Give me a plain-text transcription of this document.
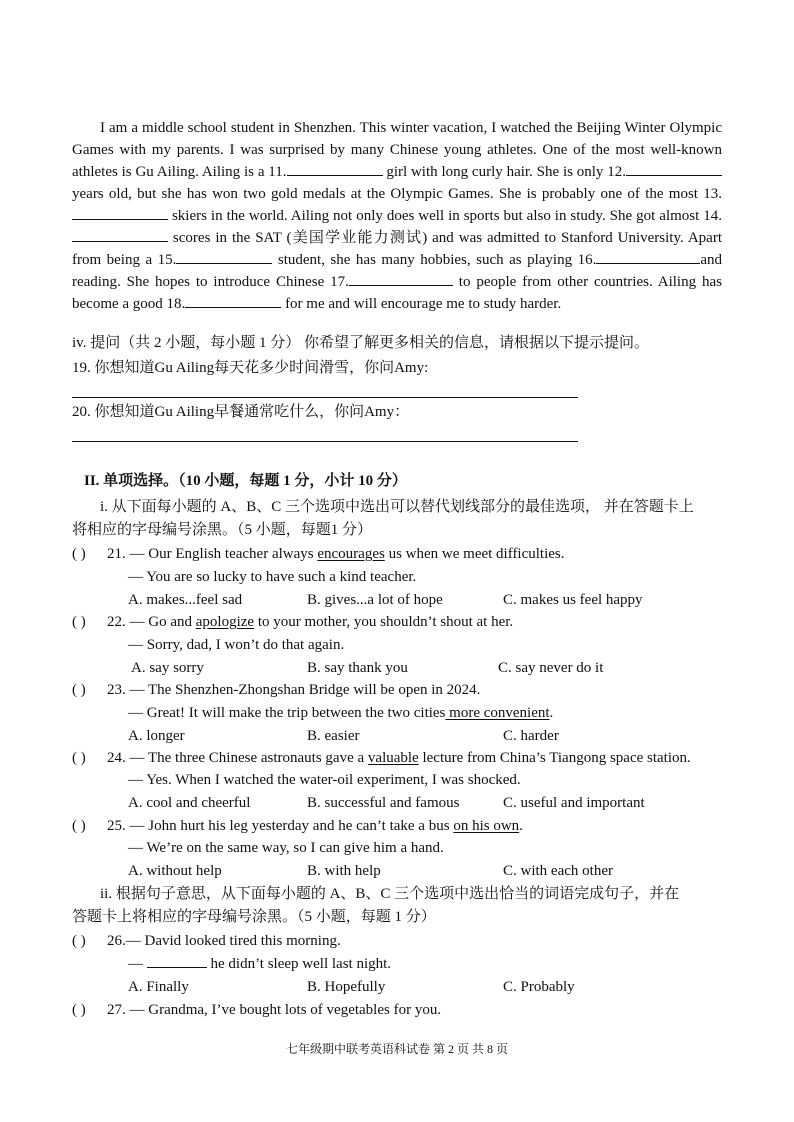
I am a middle school student in Shenzhen. This winter vacation, I watched the Beijing Winter Olympic Games with my parents. I was surprised by many Chinese young athletes. One of the most well-known athletes is Gu Ailing. Ailing is a 11.	girl with long curly hair. She is only 12. years old, but she has won two gold medals at the Olympic Games. She is probably one of the most 13. skiers in the world. Ailing not only does well in sports but also in study. She got almost 14. scores in the SAT (美国学业能力测试) and was admitted to Stanford University. Apart from being a 15.	student, she has many hobbies, such as playing 16.	and reading. She hopes to introduce Chinese 17.	to people from other countries. Ailing has become a good 18.	for me and will encourage me to study harder.
iv. 提问（共 2 小题，每小题 1 分） 你希望了解更多相关的信息，请根据以下提示提问。
19. 你想知道Gu Ailing每天花多少时间滑雪，你问Amy:
20. 你想知道Gu Ailing早餐通常吃什么，你问Amy：
II. 单项选择。（10 小题，每题 1 分，小计 10 分）
i. 从下面每小题的 A、B、C 三个选项中选出可以替代划线部分的最佳选项， 并在答题卡上
将相应的字母编号涂黑。（5 小题，每题1 分）
( ) 21. — Our English teacher always encourages us when we meet difficulties.
— You are so lucky to have such a kind teacher.
A. makes...feel sad	B. gives...a lot of hope	C. makes us feel happy
( ) 22. — Go and apologize to your mother, you shouldn’t shout at her.
— Sorry, dad, I won’t do that again.
A. say sorry	B. say thank you	C. say never do it
( ) 23. — The Shenzhen-Zhongshan Bridge will be open in 2024.
— Great! It will make the trip between the two cities more convenient.
A. longer	B. easier	C. harder
( ) 24. — The three Chinese astronauts gave a valuable lecture from China’s Tiangong space station.
— Yes. When I watched the water-oil experiment, I was shocked.
A. cool and cheerful	B. successful and famous	C. useful and important
( ) 25. — John hurt his leg yesterday and he can’t take a bus on his own.
— We’re on the same way, so I can give him a hand.
A. without help	B. with help	C. with each other
ii. 根据句子意思，从下面每小题的 A、B、C 三个选项中选出恰当的词语完成句子，并在
答题卡上将相应的字母编号涂黑。（5 小题，每题 1 分）
( ) 26.— David looked tired this morning.
—	he didn’t sleep well last night.
A. Finally	B. Hopefully	C. Probably
( ) 27. — Grandma, I’ve bought lots of vegetables for you.
七年级期中联考英语科试卷 第 2 页 共 8 页
